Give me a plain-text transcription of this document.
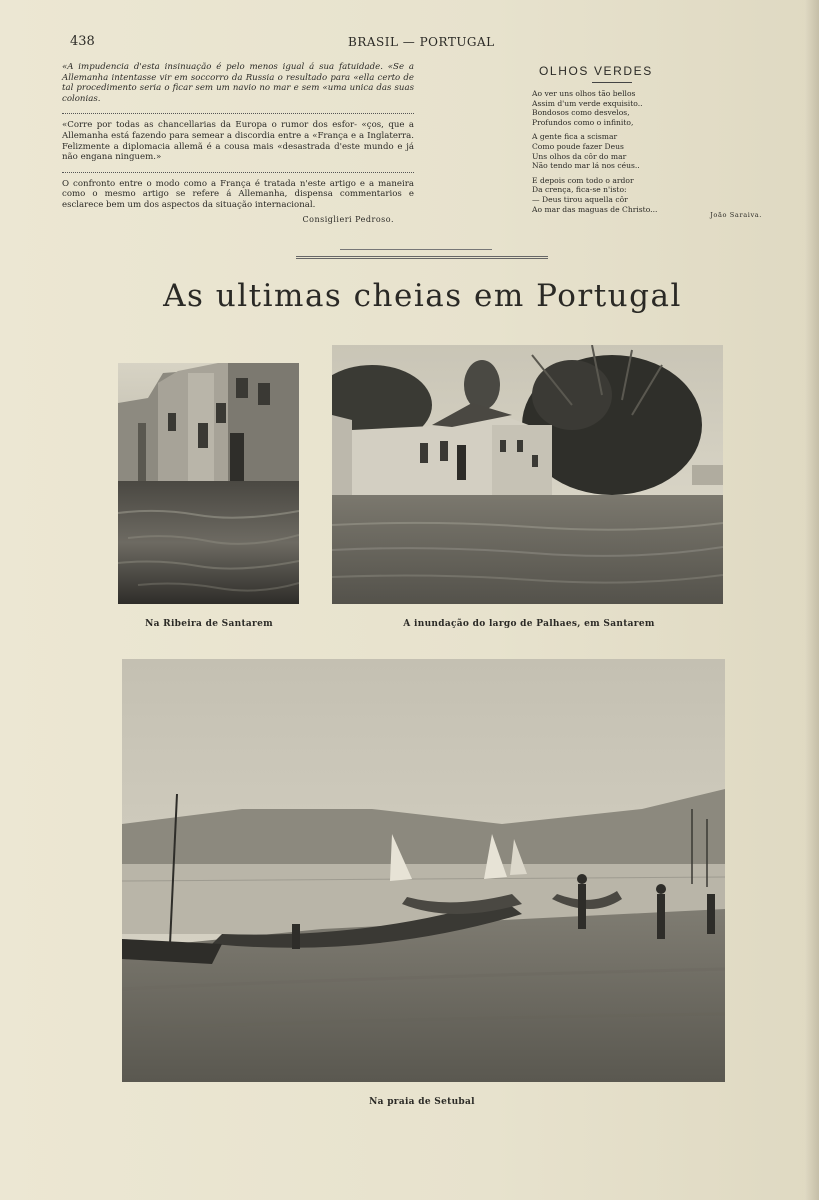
438	BRASIL — PORTUGAL

«A impudencia d'esta insinuação é pelo menos igual á sua fatuidade. «Se a Allemanha intentasse vir em soccorro da Russia o resultado para «ella certo de tal procedimento seria o ficar sem um navio no mar e sem «uma unica das suas colonias.

«Corre por todas as chancellarias da Europa o rumor dos esfor- «ços, que a Allemanha está fazendo para semear a discordia entre a «França e a Inglaterra. Felizmente a diplomacia allemã é a cousa mais «desastrada d'este mundo e já não engana ninguem.»

O confronto entre o modo como a França é tratada n'este artigo e a maneira como o mesmo artigo se refere á Allemanha, dispensa commentarios e esclarece bem um dos aspectos da situação internacional.

Consiglieri Pedroso.
OLHOS VERDES
Ao ver uns olhos tão bellos
Assim d'um verde exquisito..
Bondosos como desvelos,
Profundos como o infinito,
A gente fica a scismar
Como poude fazer Deus
Uns olhos da côr do mar
Não tendo mar lá nos céus..
E depois com todo o ardor
Da crença, fica-se n'isto:
— Deus tirou aquella côr
Ao mar das maguas de Christo...
João Saraiva.
As ultimas cheias em Portugal
Na Ribeira de Santarem	A inundação do largo de Palhaes, em Santarem
Na praia de Setubal
